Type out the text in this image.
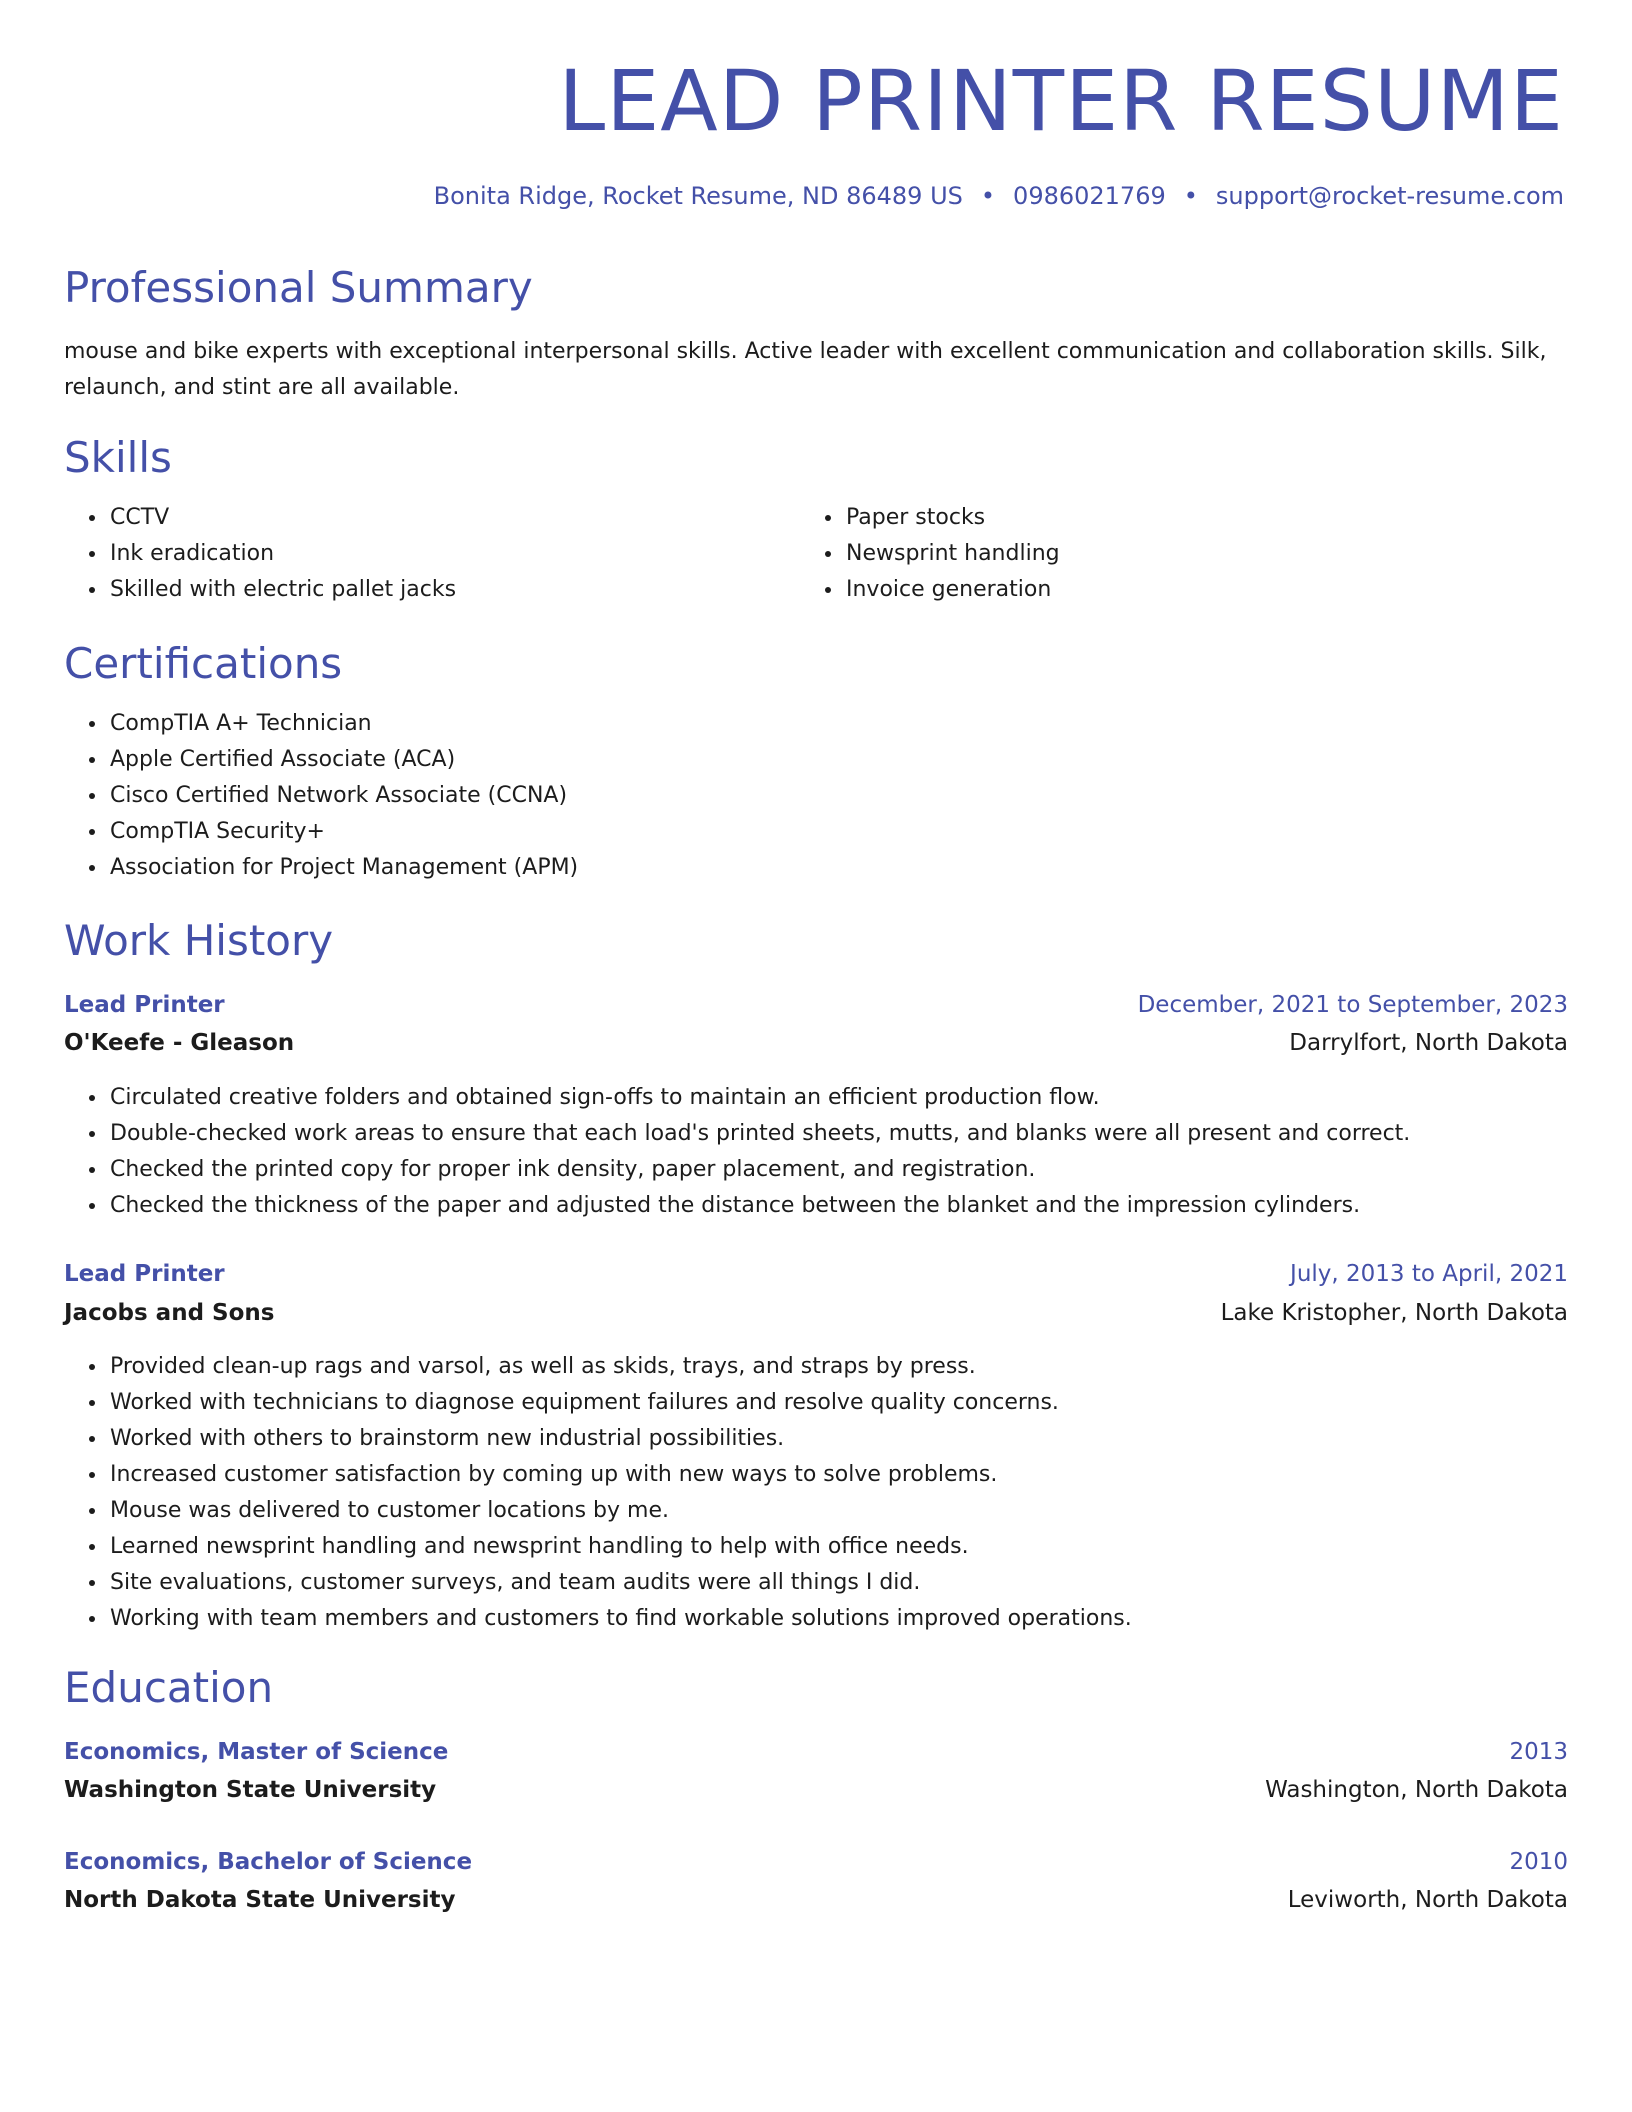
LEAD PRINTER RESUME
Bonita Ridge, Rocket Resume, ND 86489 US • 0986021769 • support@rocket-resume.com
Professional Summary

mouse and bike experts with exceptional interpersonal skills. Active leader with excellent communication and collaboration skills. Silk, relaunch, and stint are all available.

Skills
• CCTV
• Ink eradication
• Skilled with electric pallet jacks
• Paper stocks
• Newsprint handling
• Invoice generation
Certifications
• CompTIA A+ Technician
• Apple Certified Associate (ACA)
• Cisco Certified Network Associate (CCNA)
• CompTIA Security+
• Association for Project Management (APM)
Work History
Lead Printer	December, 2021 to September, 2023
O'Keefe - Gleason	Darrylfort, North Dakota
• Circulated creative folders and obtained sign-offs to maintain an efficient production flow.
• Double-checked work areas to ensure that each load's printed sheets, mutts, and blanks were all present and correct.
• Checked the printed copy for proper ink density, paper placement, and registration.
• Checked the thickness of the paper and adjusted the distance between the blanket and the impression cylinders.
Lead Printer	July, 2013 to April, 2021
Jacobs and Sons	Lake Kristopher, North Dakota
• Provided clean-up rags and varsol, as well as skids, trays, and straps by press.
• Worked with technicians to diagnose equipment failures and resolve quality concerns.
• Worked with others to brainstorm new industrial possibilities.
• Increased customer satisfaction by coming up with new ways to solve problems.
• Mouse was delivered to customer locations by me.
• Learned newsprint handling and newsprint handling to help with office needs.
• Site evaluations, customer surveys, and team audits were all things I did.
• Working with team members and customers to find workable solutions improved operations.
Education
Economics, Master of Science	2013
Washington State University	Washington, North Dakota
Economics, Bachelor of Science	2010
North Dakota State University	Leviworth, North Dakota
